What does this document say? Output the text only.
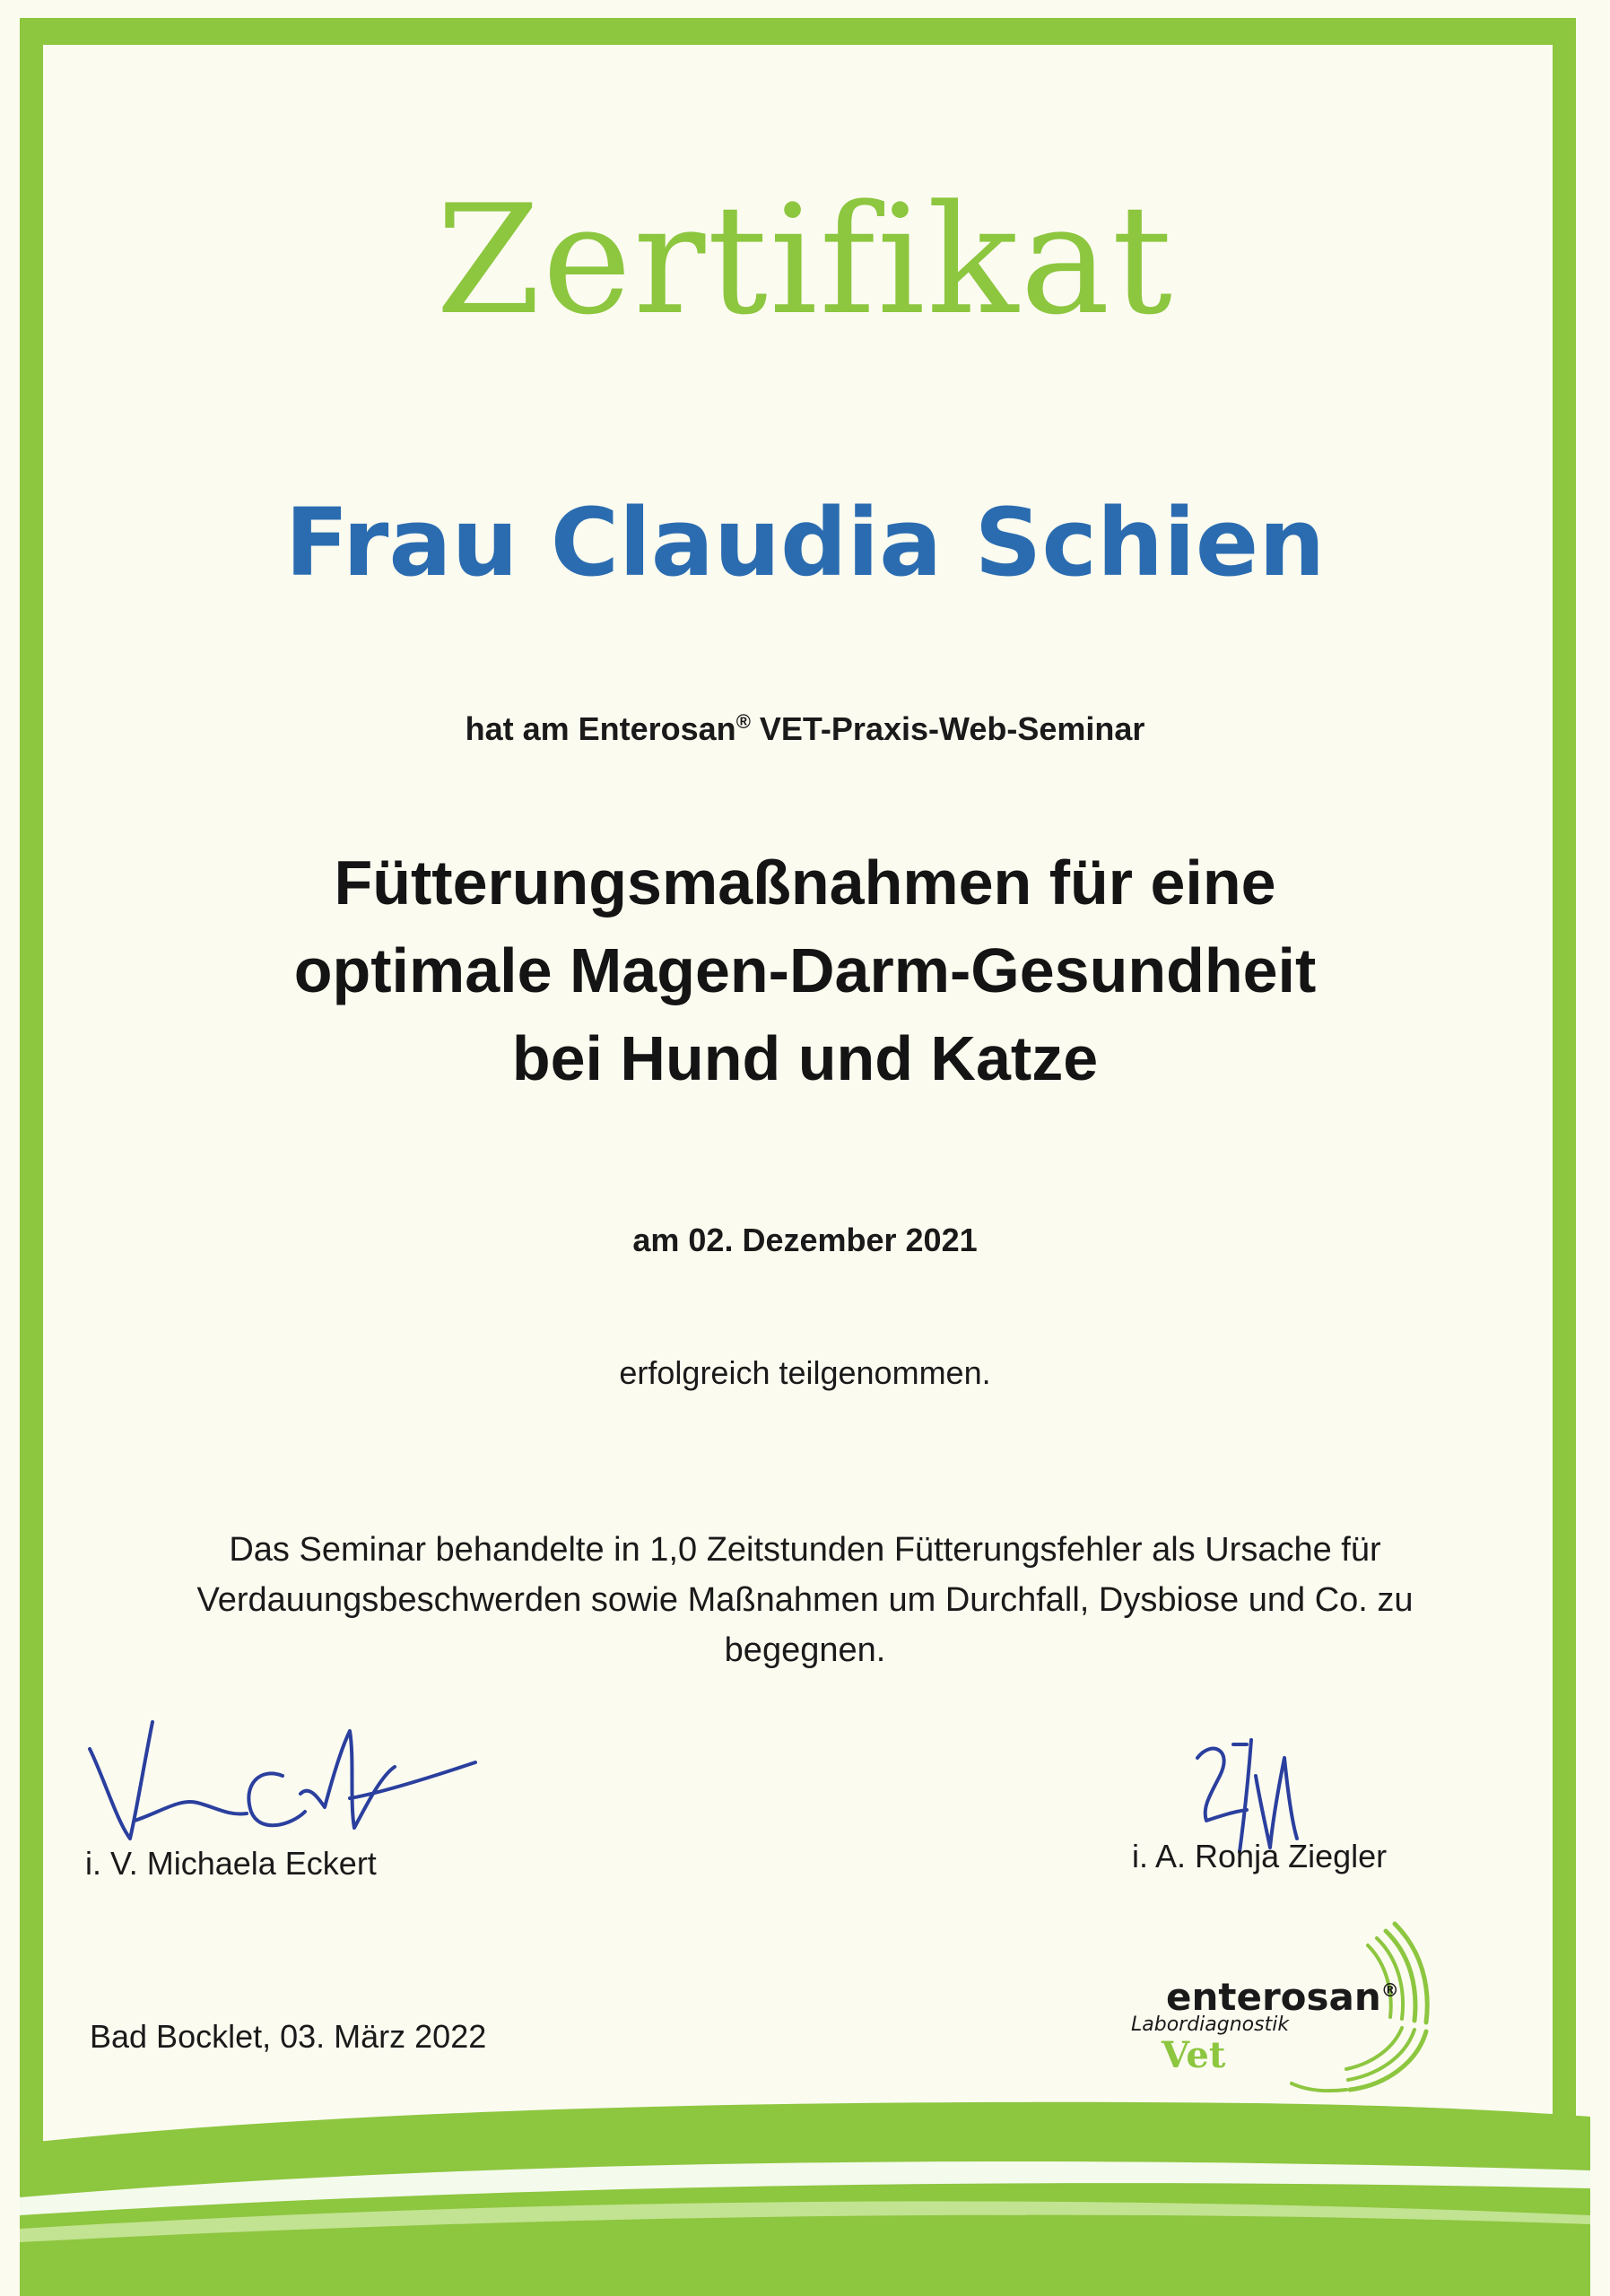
Zertifikat
Frau Claudia Schien
hat am Enterosan® VET-Praxis-Web-Seminar
Fütterungsmaßnahmen für eine
optimale Magen-Darm-Gesundheit
bei Hund und Katze
am 02. Dezember 2021
erfolgreich teilgenommen.
Das Seminar behandelte in 1,0 Zeitstunden Fütterungsfehler als Ursache für
Verdauungsbeschwerden sowie Maßnahmen um Durchfall, Dysbiose und Co. zu
begegnen.
i. V. Michaela Eckert	i. A. Ronja Ziegler
Bad Bocklet, 03. März 2022
enterosan®
Labordiagnostik
Vet
